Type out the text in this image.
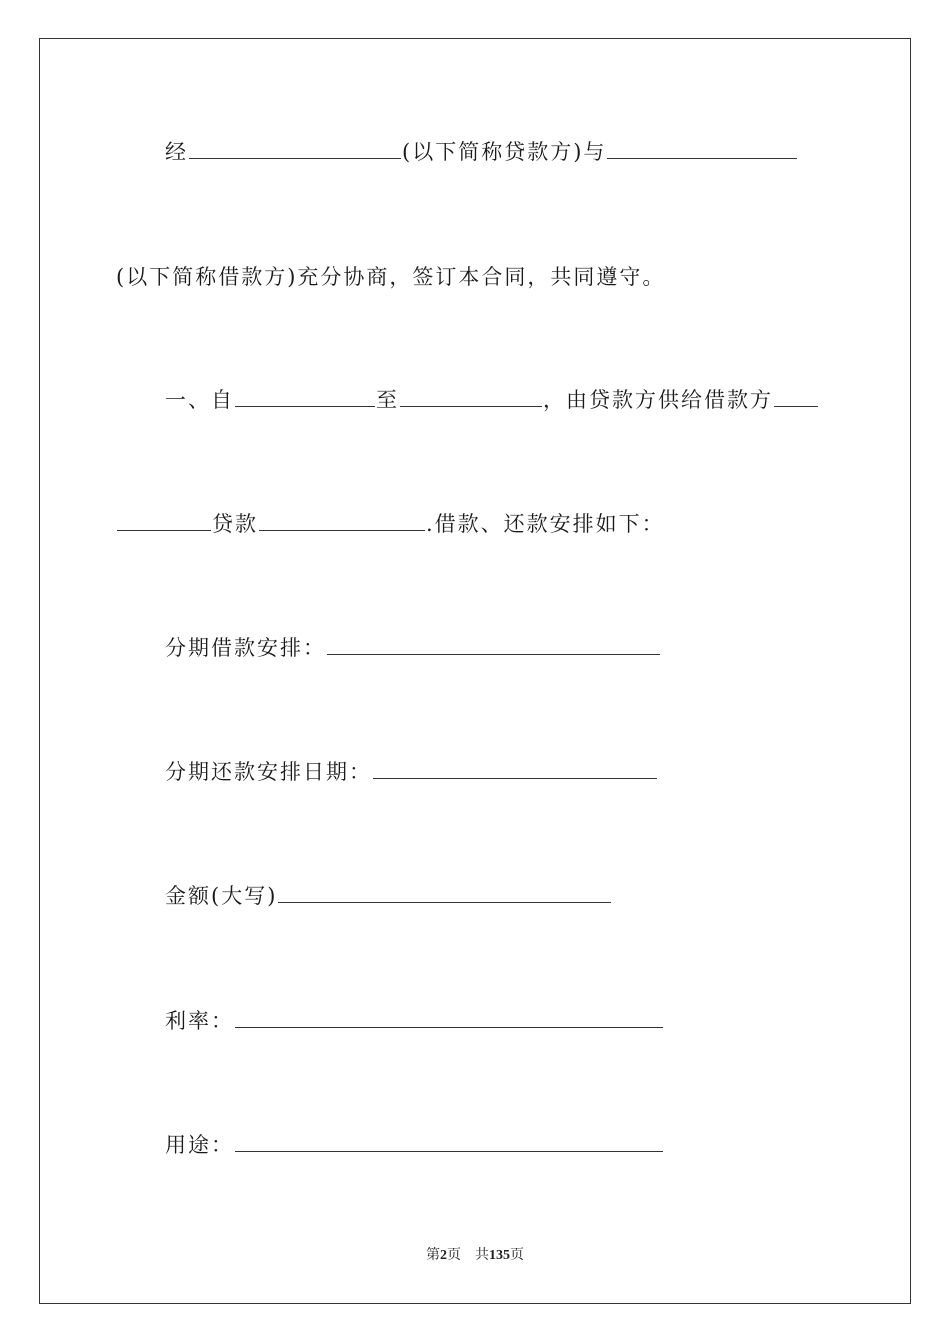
经	(以下简称贷款方)与
(以下简称借款方)充分协商，签订本合同，共同遵守。
一、自	至	，由贷款方供给借款方
贷款	.借款、还款安排如下：
分期借款安排：
分期还款安排日期：
金额(大写)
利率：
用途：
第2页 共135页
